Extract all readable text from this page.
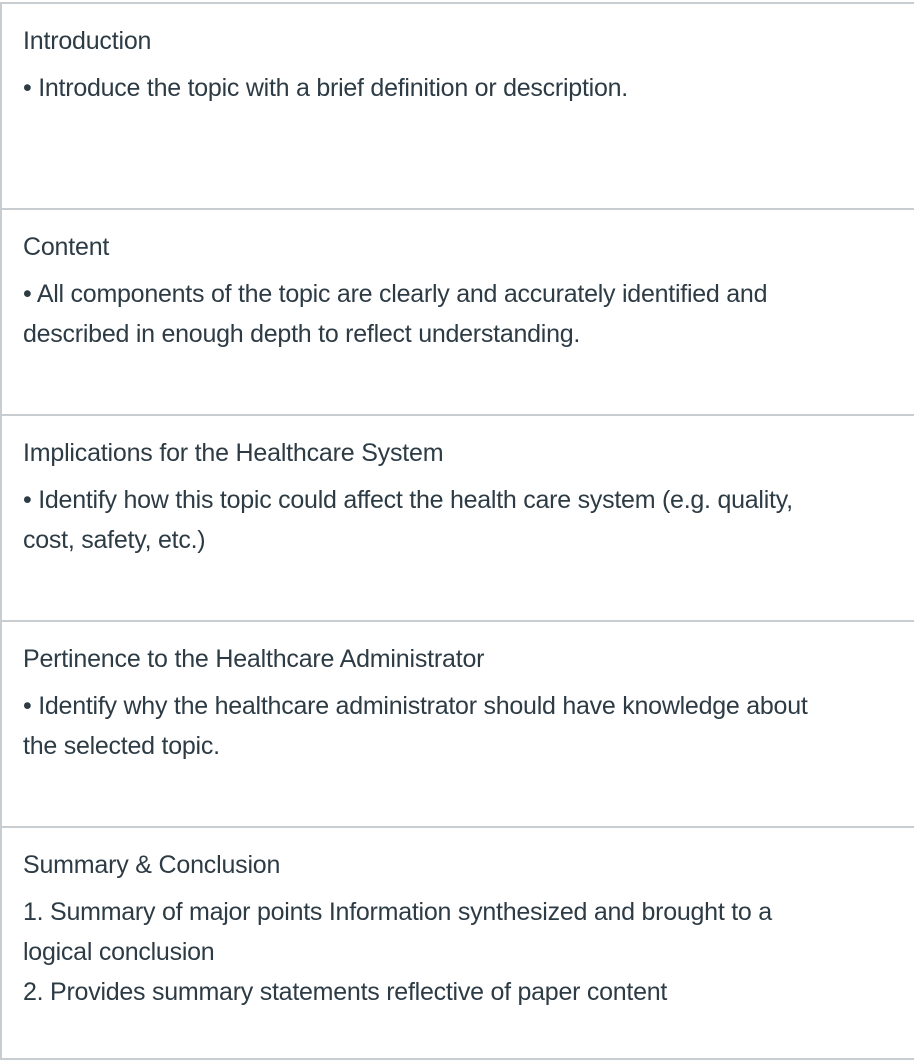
Introduction

• Introduce the topic with a brief definition or description.

Content

• All components of the topic are clearly and accurately identified and

described in enough depth to reflect understanding.

Implications for the Healthcare System

• Identify how this topic could affect the health care system (e.g. quality,

cost, safety, etc.)

Pertinence to the Healthcare Administrator

• Identify why the healthcare administrator should have knowledge about

the selected topic.

Summary & Conclusion

1. Summary of major points Information synthesized and brought to a

logical conclusion

2. Provides summary statements reflective of paper content
